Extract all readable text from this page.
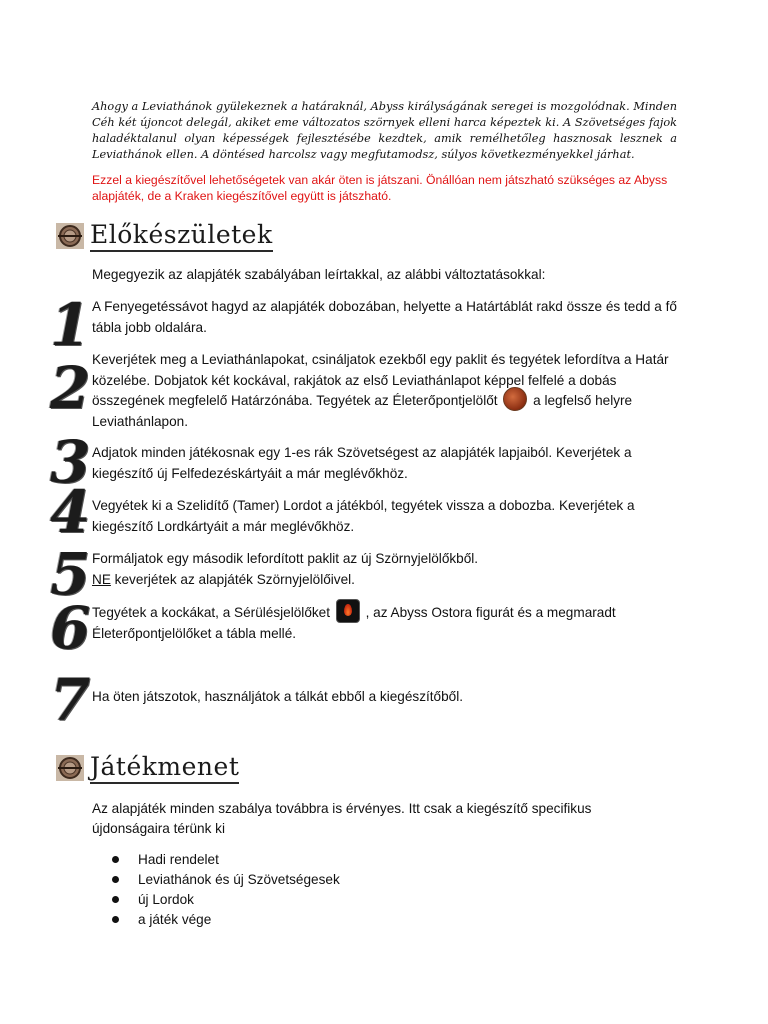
Ahogy a Leviathánok gyülekeznek a határaknál, Abyss királyságának seregei is mozgolódnak. Minden Céh két újoncot delegál, akiket eme változatos szörnyek elleni harca képeztek ki. A Szövetséges fajok haladéktalanul olyan képességek fejlesztésébe kezdtek, amik remélhetőleg hasznosak lesznek a Leviathánok ellen. A döntésed harcolsz vagy megfutamodsz, súlyos következményekkel járhat.
Ezzel a kiegészítővel lehetőségetek van akár öten is játszani. Önállóan nem játszható szükséges az Abyss alapjáték, de a Kraken kiegészítővel együtt is játszható.
Előkészületek
Megegyezik az alapjáték szabályában leírtakkal, az alábbi változtatásokkal:
1 A Fenyegetéssávot hagyd az alapjáték dobozában, helyette a Határtáblát rakd össze és tedd a fő tábla jobb oldalára.
2 Keverjétek meg a Leviathánlapokat, csináljatok ezekből egy paklit és tegyétek lefordítva a Határ közelébe. Dobjatok két kockával, rakjátok az első Leviathánlapot képpel felfelé a dobás összegének megfelelő Határzónába. Tegyétek az Életerőpontjelölőt	a legfelső helyre Leviathánlapon.
3 Adjatok minden játékosnak egy 1-es rák Szövetségest az alapjáték lapjaiból. Keverjétek a kiegészítő új Felfedezéskártyáit a már meglévőkhöz.
4 Vegyétek ki a Szelidítő (Tamer) Lordot a játékból, tegyétek vissza a dobozba. Keverjétek a kiegészítő Lordkártyáit a már meglévőkhöz.
5 Formáljatok egy második lefordított paklit az új Szörnyjelölőkből.
NE keverjétek az alapjáték Szörnyjelölőivel.
6 Tegyétek a kockákat, a Sérülésjelölőket	, az Abyss Ostora figurát és a megmaradt Életerőpontjelölőket a tábla mellé.
7 Ha öten játszotok, használjátok a tálkát ebből a kiegészítőből.
Játékmenet
Az alapjáték minden szabálya továbbra is érvényes. Itt csak a kiegészítő specifikus újdonságaira térünk ki
Hadi rendelet
Leviathánok és új Szövetségesek
új Lordok
a játék vége
